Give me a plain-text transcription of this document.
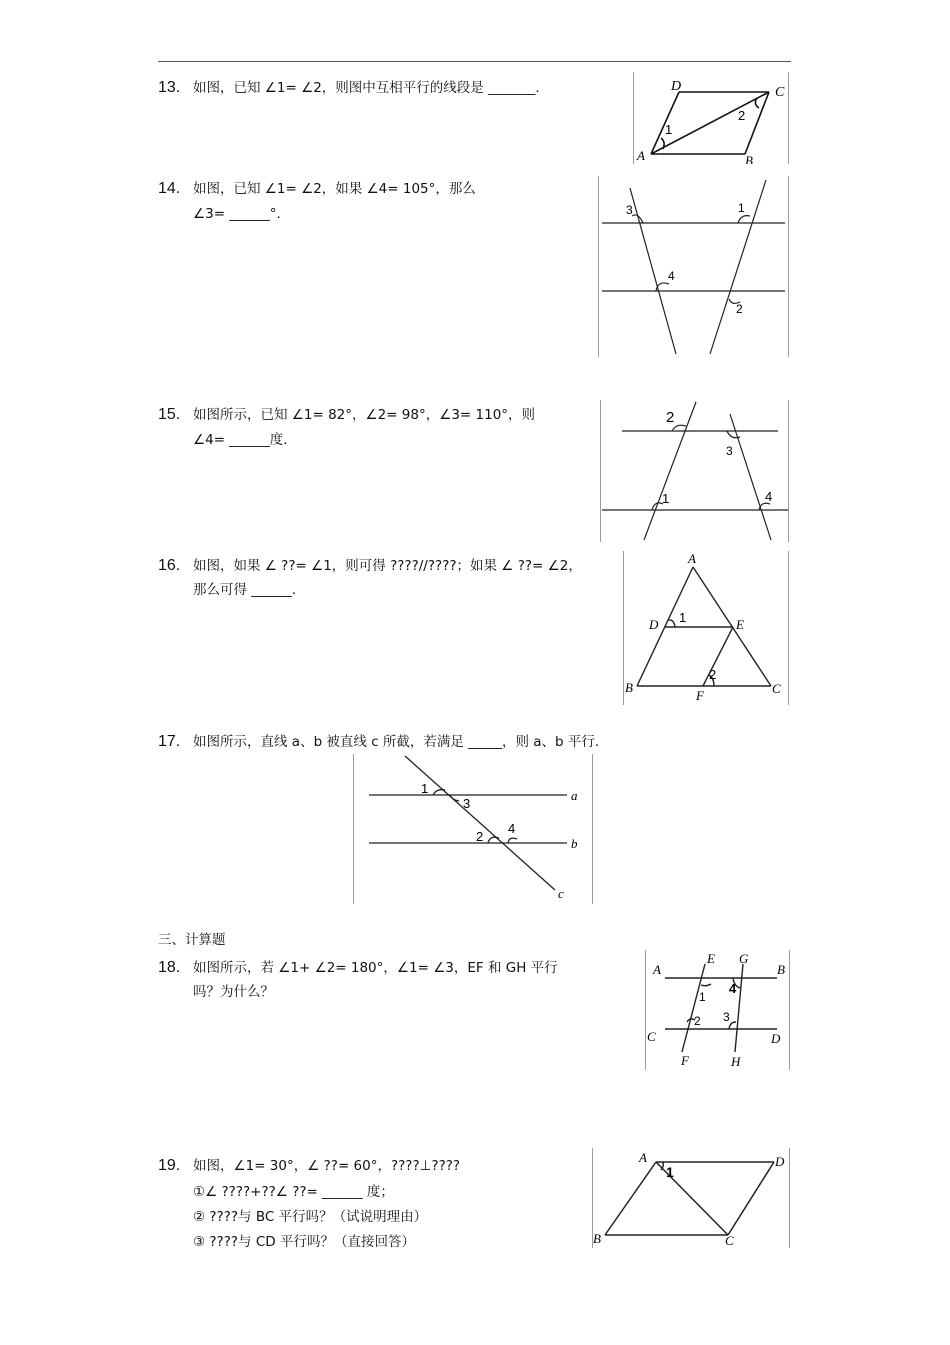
13. 如图，已知 ∠1= ∠2，则图中互相平行的线段是 _______.
14. 如图，已知 ∠1= ∠2，如果 ∠4= 105°，那么
∠3= ______°.
15. 如图所示，已知 ∠1= 82°，∠2= 98°，∠3= 110°，则
∠4= ______度.
16. 如图，如果 ∠ ??= ∠1，则可得 ????//????；如果 ∠ ??= ∠2，
那么可得 ______.
17. 如图所示，直线 a、b 被直线 c 所截，若满足 _____，则 a、b 平行.
三、计算题
18. 如图所示，若 ∠1+ ∠2= 180°，∠1= ∠3，EF 和 GH 平行
吗？为什么？
19. 如图，∠1= 30°，∠ ??= 60°，????⊥????
①∠ ????+??∠ ??= ______ 度；
② ????与 BC 平行吗？（试说明理由）
③ ????与 CD 平行吗？（直接回答）
D	C
A	B
1
2
3	1
4
2
2
3
1	4
A
D 1	E
2
B
F	C
1
3
2
4
a
b
c
E G
A	B
1
4
2 3
C	D
F	H
A
1
D
B	C
